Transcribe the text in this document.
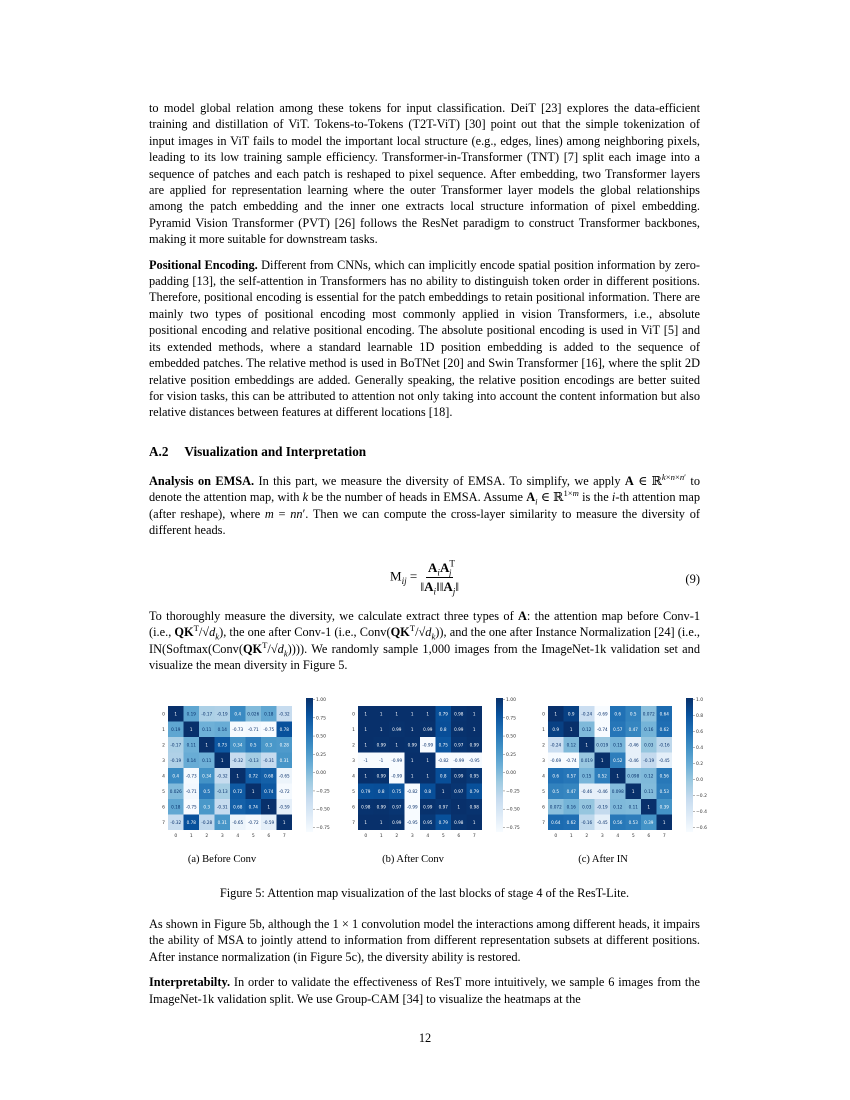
to model global relation among these tokens for input classification. DeiT [23] explores the data-efficient training and distillation of ViT. Tokens-to-Tokens (T2T-ViT) [30] point out that the simple tokenization of input images in ViT fails to model the important local structure (e.g., edges, lines) among neighboring pixels, leading to its low training sample efficiency. Transformer-in-Transformer (TNT) [7] split each image into a sequence of patches and each patch is reshaped to pixel sequence. After embedding, two Transformer layers are applied for representation learning where the outer Transformer layer models the global relationships among the patch embedding and the inner one extracts local structure information of pixel embedding. Pyramid Vision Transformer (PVT) [26] follows the ResNet paradigm to construct Transformer backbones, making it more suitable for downstream tasks.

Positional Encoding. Different from CNNs, which can implicitly encode spatial position information by zero-padding [13], the self-attention in Transformers has no ability to distinguish token order in different positions. Therefore, positional encoding is essential for the patch embeddings to retain positional information. There are mainly two types of positional encoding most commonly applied in vision Transformers, i.e., absolute positional encoding and relative positional encoding. The absolute positional encoding is used in ViT [5] and its extended methods, where a standard learnable 1D position embedding is added to the sequence of embedded patches. The relative method is used in BoTNet [20] and Swin Transformer [16], where the split 2D relative position embeddings are added. Generally speaking, the relative position encodings are better suited for vision tasks, this can be attributed to attention not only taking into account the content information but also relative distances between features at different locations [18].

A.2 Visualization and Interpretation

Analysis on EMSA. In this part, we measure the diversity of EMSA. To simplify, we apply A ∈ ℝ$^{k\times n\times n'}$ to denote the attention map, with k be the number of heads in EMSA. Assume $A_i$ ∈ ℝ$^{1\times m}$ is the i-th attention map (after reshape), where m = nn′. Then we can compute the cross-layer similarity to measure the diversity of different heads.

$M_{ij} = \frac{A_iA^T_j}{‖A_i‖‖A_j‖}$	(9)

To thoroughly measure the diversity, we calculate extract three types of A: the attention map before Conv-1 (i.e., $QK^T/√d_k$), the one after Conv-1 (i.e., $Conv(QK^T/√d_k)$), and the one after Instance Normalization [24] (i.e., $IN(Softmax(Conv(QK^T/√d_k)))$). We randomly sample 1,000 images from the ImageNet-1k validation set and visualize the mean diversity in Figure 5.

1 0.19 -0.17 -0.19 0.4 0.026 0.18 -0.32
0.19 1 0.11 0.14 -0.73 -0.71 -0.75 0.78
-0.17 0.11 1 0.73 0.34 0.5 0.3 0.28
-0.19 0.14 0.11 1 -0.32 -0.13 -0.31 0.31
0.4 -0.73 0.34 -0.32 1 0.72 0.68 -0.65
0.026 -0.71 0.5 -0.13 0.72 1 0.74 -0.72
0.18 -0.75 0.3 -0.31 0.68 0.74 1 -0.59
-0.32 0.78 -0.28 0.31 -0.65 -0.72 -0.59 1
0
0
1
1
2
2
3
3
4
4
5
5
6
6
7
7
1.00
0.75
0.50
0.25
0.00
−0.25
−0.50
−0.75
1	1	1	1	1 0.79 0.98 1
1	1 0.99 1 0.99 0.8 0.99 1
1 0.99 1 0.99 -0.99 0.75 0.97 0.99
-1	-1 -0.99 1	1 -0.82 -0.99 -0.95
1 0.99 -0.99 1	1	0.8 0.99 0.95
0.79 0.8 0.75 -0.82 0.8	1 0.97 0.79
0.98 0.99 0.97 -0.99 0.99 0.97 1 0.98
1	1 0.99 -0.95 0.95 0.79 0.98 1
0
0
1
1
2
2
3
3
4
4
5
5
6
6
7
7
1.00
0.75
0.50
0.25
0.00
−0.25
−0.50
−0.75
1	0.9 -0.24 -0.69 0.6 0.5 0.072 0.64
0.9	1 0.12 -0.74 0.57 0.47 0.16 0.62
-0.24 0.12 1 0.019 0.15 -0.46 0.03 -0.16
-0.69 -0.74 0.019 1 0.52 -0.46 -0.19 -0.45
0.6 0.57 0.15 0.52 1 0.098 0.12 0.56
0.5 0.47 -0.46 -0.46 0.098 1 0.11 0.53
0.072 0.16 0.03 -0.19 0.12 0.11 1 0.39
0.64 0.62 -0.16 -0.45 0.56 0.53 0.39 1
0
0
1
1
2
2
3
3
4
4
5
5
6
6
7
7
1.0
0.8
0.6
0.4
0.2
0.0
−0.2
−0.4
−0.6
(a) Before Conv	(b) After Conv	(c) After IN
Figure 5: Attention map visualization of the last blocks of stage 4 of the ResT-Lite.

As shown in Figure 5b, although the 1 × 1 convolution model the interactions among different heads, it impairs the ability of MSA to jointly attend to information from different representation subsets at different positions. After instance normalization (in Figure 5c), the diversity ability is restored.

Interpretabilty. In order to validate the effectiveness of ResT more intuitively, we sample 6 images from the ImageNet-1k validation split. We use Group-CAM [34] to visualize the heatmaps at the

12
